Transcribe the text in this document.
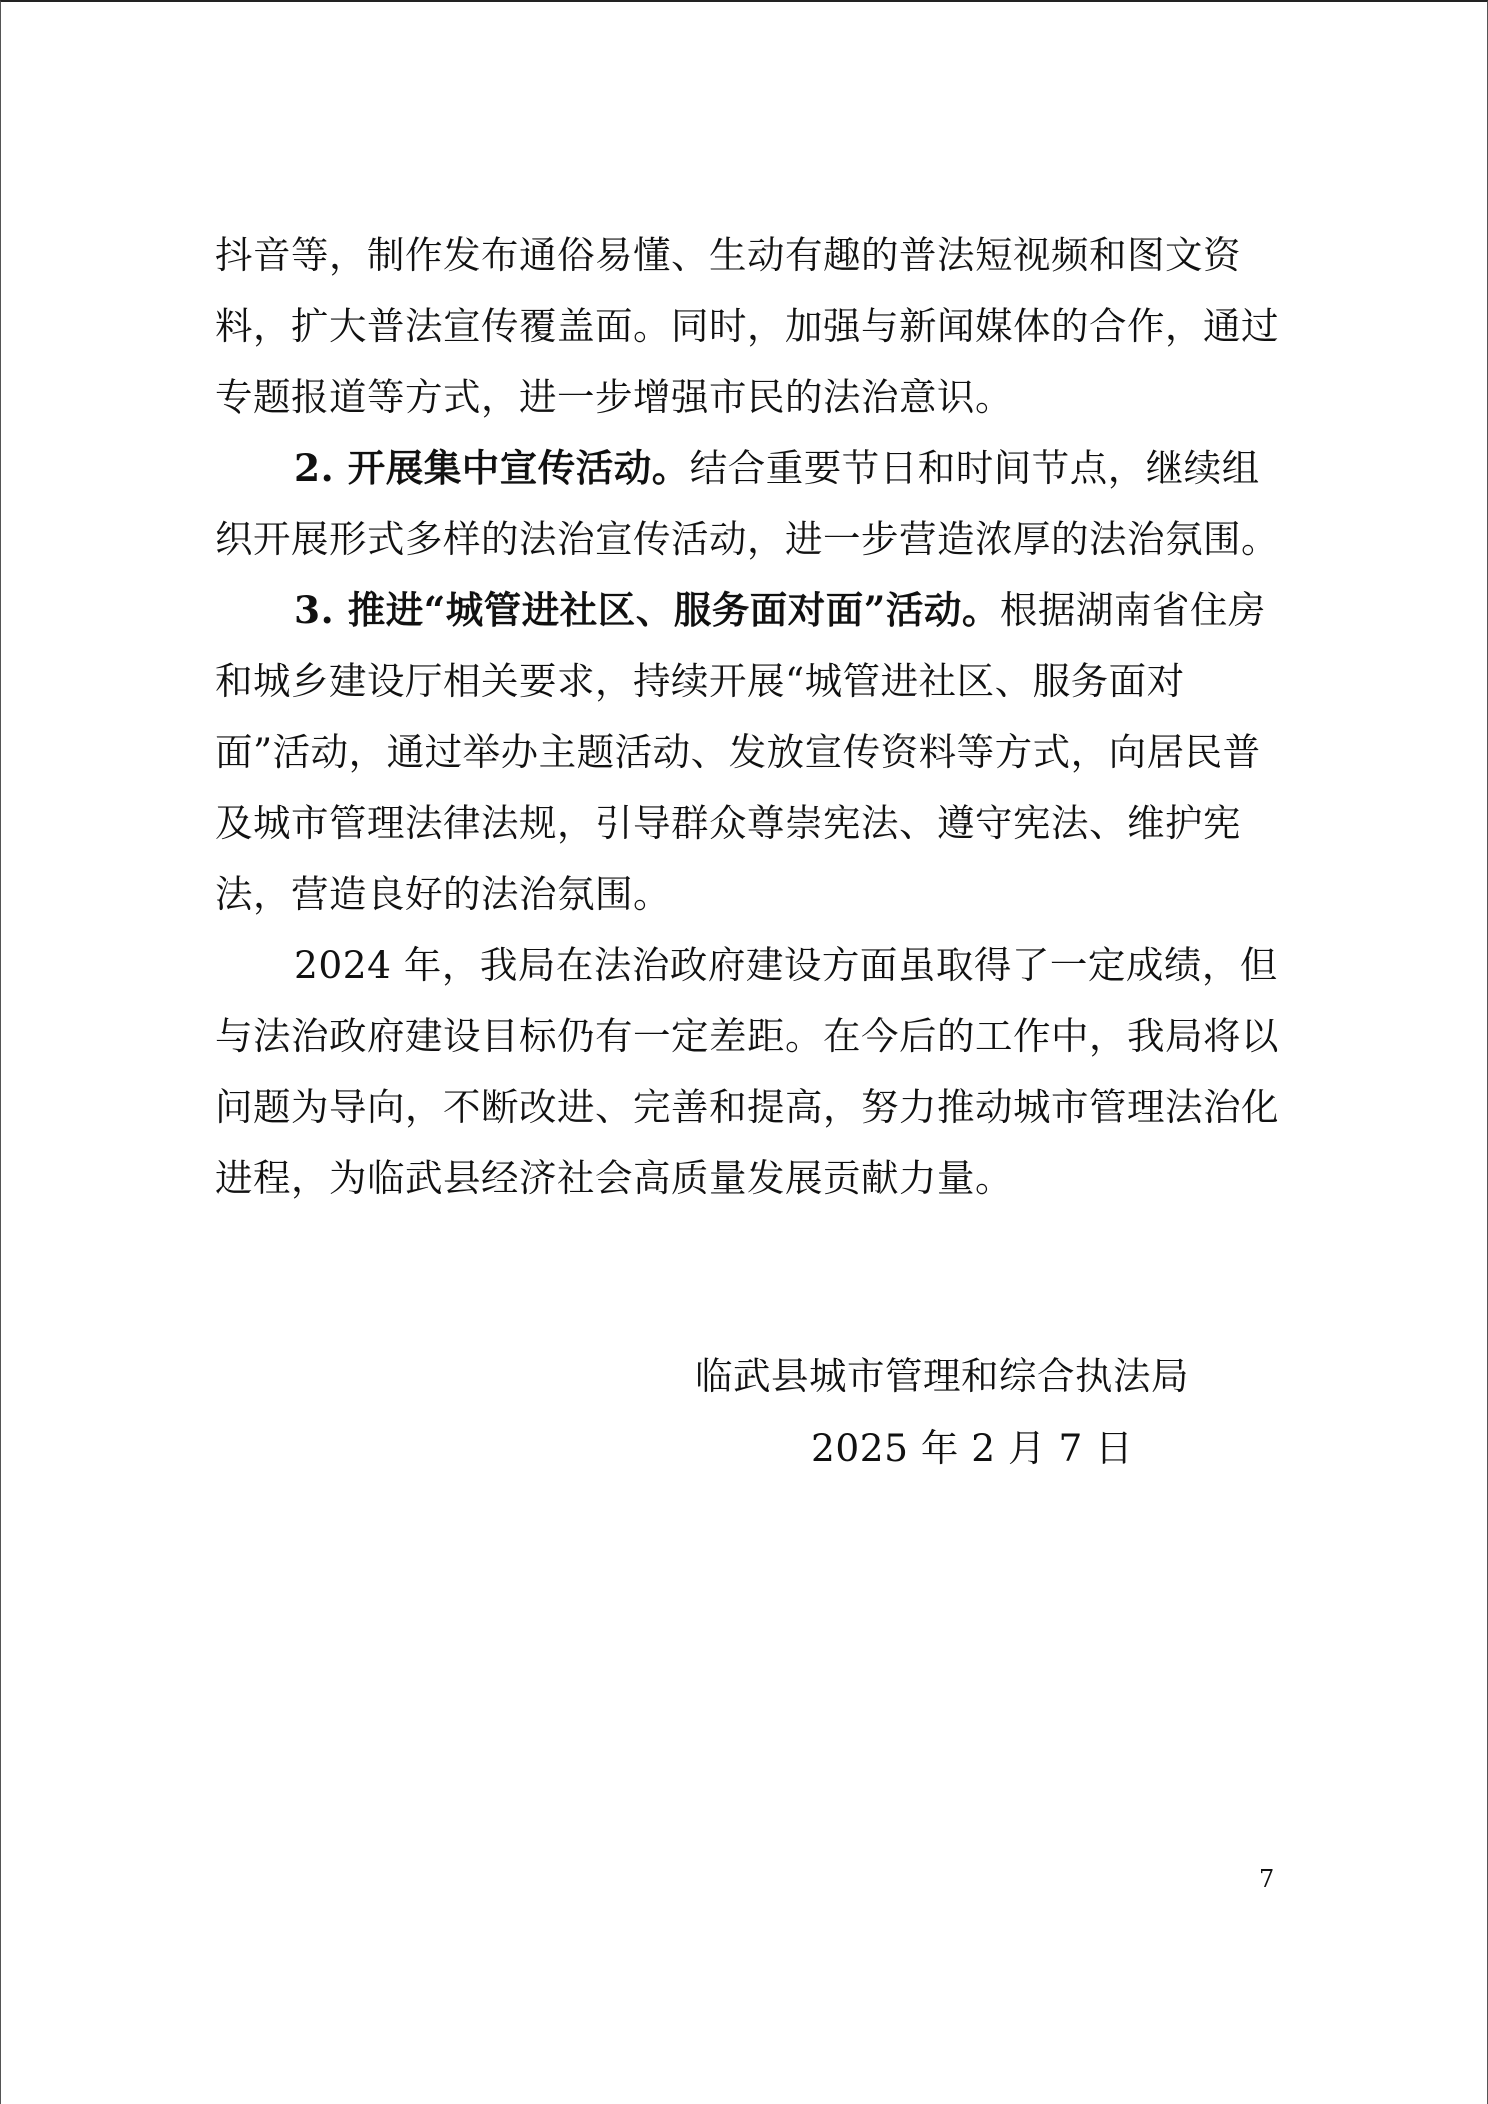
抖音等，制作发布通俗易懂、生动有趣的普法短视频和图文资料，扩大普法宣传覆盖面。同时，加强与新闻媒体的合作，通过专题报道等方式，进一步增强市民的法治意识。

2. 开展集中宣传活动。结合重要节日和时间节点，继续组织开展形式多样的法治宣传活动，进一步营造浓厚的法治氛围。

3. 推进“城管进社区、服务面对面”活动。根据湖南省住房和城乡建设厅相关要求，持续开展“城管进社区、服务面对面”活动，通过举办主题活动、发放宣传资料等方式，向居民普及城市管理法律法规，引导群众尊崇宪法、遵守宪法、维护宪法，营造良好的法治氛围。

2024 年，我局在法治政府建设方面虽取得了一定成绩，但与法治政府建设目标仍有一定差距。在今后的工作中，我局将以问题为导向，不断改进、完善和提高，努力推动城市管理法治化进程，为临武县经济社会高质量发展贡献力量。

临武县城市管理和综合执法局
2025 年 2 月 7 日
7
